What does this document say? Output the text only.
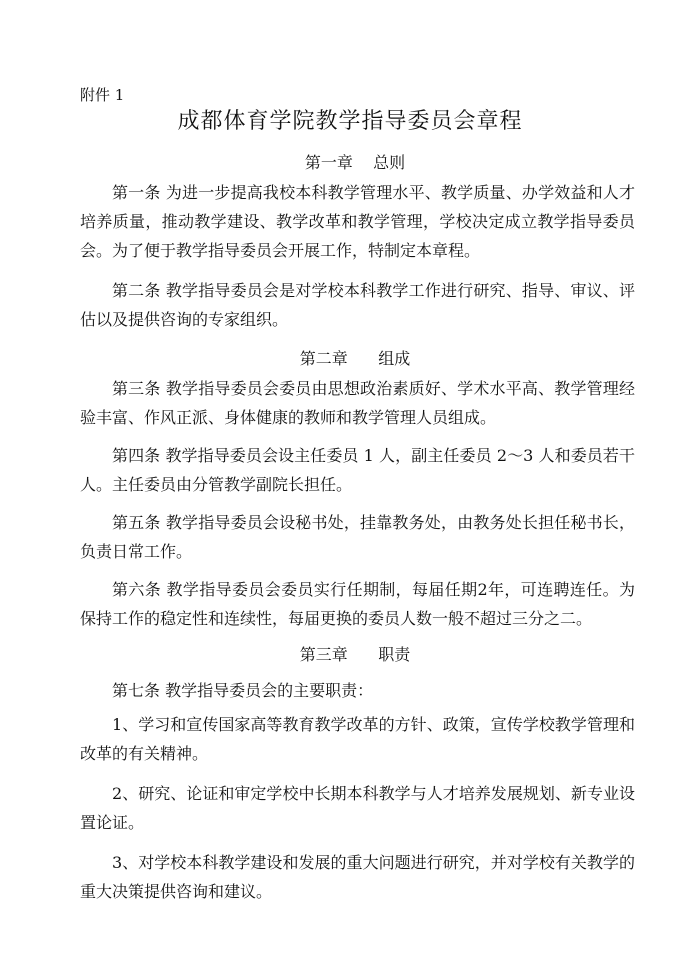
附件 1
成都体育学院教学指导委员会章程
第一章    总则
第一条 为进一步提高我校本科教学管理水平、教学质量、办学效益和人才培养质量，推动教学建设、教学改革和教学管理，学校决定成立教学指导委员会。为了便于教学指导委员会开展工作，特制定本章程。
第二条 教学指导委员会是对学校本科教学工作进行研究、指导、审议、评估以及提供咨询的专家组织。
第二章      组成
第三条 教学指导委员会委员由思想政治素质好、学术水平高、教学管理经验丰富、作风正派、身体健康的教师和教学管理人员组成。
第四条 教学指导委员会设主任委员 1 人，副主任委员 2～3 人和委员若干人。主任委员由分管教学副院长担任。
第五条 教学指导委员会设秘书处，挂靠教务处，由教务处长担任秘书长，负责日常工作。
第六条 教学指导委员会委员实行任期制，每届任期2年，可连聘连任。为保持工作的稳定性和连续性，每届更换的委员人数一般不超过三分之二。
第三章      职责
第七条 教学指导委员会的主要职责：
1、学习和宣传国家高等教育教学改革的方针、政策，宣传学校教学管理和改革的有关精神。
2、研究、论证和审定学校中长期本科教学与人才培养发展规划、新专业设置论证。
3、对学校本科教学建设和发展的重大问题进行研究，并对学校有关教学的重大决策提供咨询和建议。
